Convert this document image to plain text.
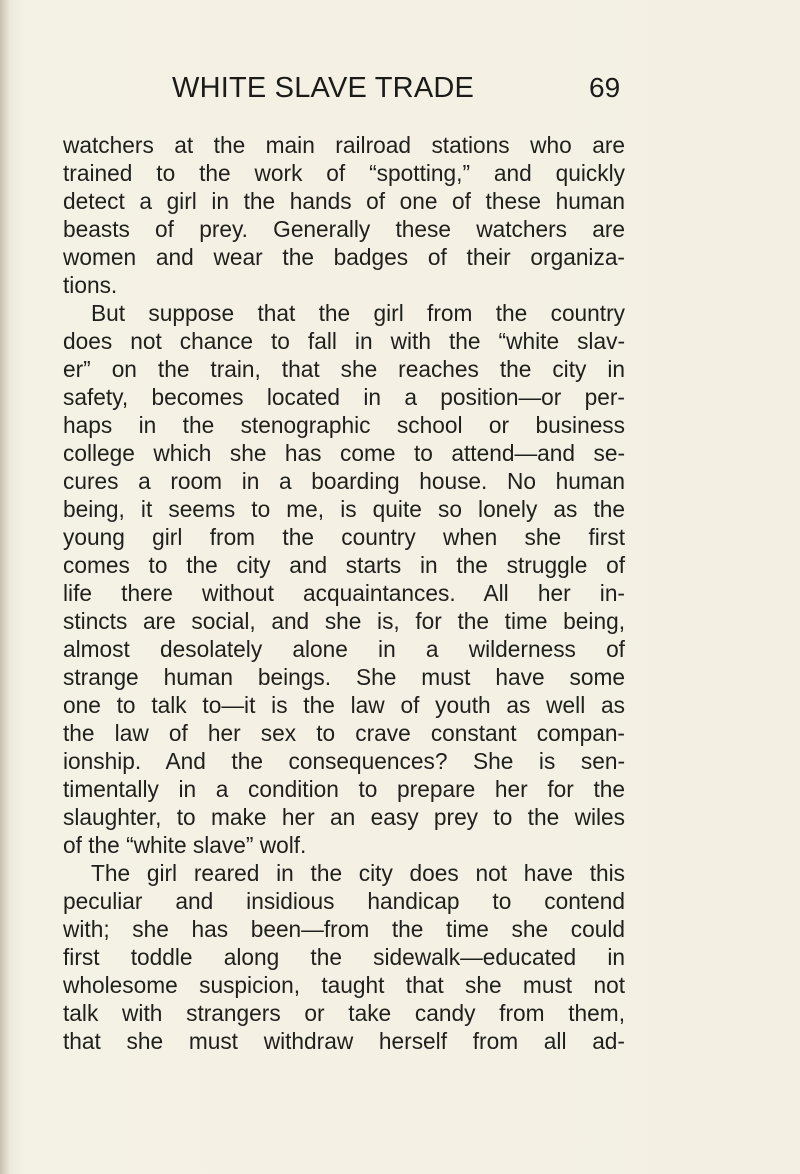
WHITE SLAVE TRADE	69
watchers at the main railroad stations who are
trained to the work of “spotting,” and quickly
detect a girl in the hands of one of these human
beasts of prey. Generally these watchers are
women and wear the badges of their organiza-
tions.
But suppose that the girl from the country
does not chance to fall in with the “white slav-
er” on the train, that she reaches the city in
safety, becomes located in a position—or per-
haps in the stenographic school or business
college which she has come to attend—and se-
cures a room in a boarding house. No human
being, it seems to me, is quite so lonely as the
young girl from the country when she first
comes to the city and starts in the struggle of
life there without acquaintances. All her in-
stincts are social, and she is, for the time being,
almost desolately alone in a wilderness of
strange human beings. She must have some
one to talk to—it is the law of youth as well as
the law of her sex to crave constant compan-
ionship. And the consequences? She is sen-
timentally in a condition to prepare her for the
slaughter, to make her an easy prey to the wiles
of the “white slave” wolf.
The girl reared in the city does not have this
peculiar and insidious handicap to contend
with; she has been—from the time she could
first toddle along the sidewalk—educated in
wholesome suspicion, taught that she must not
talk with strangers or take candy from them,
that she must withdraw herself from all ad-
